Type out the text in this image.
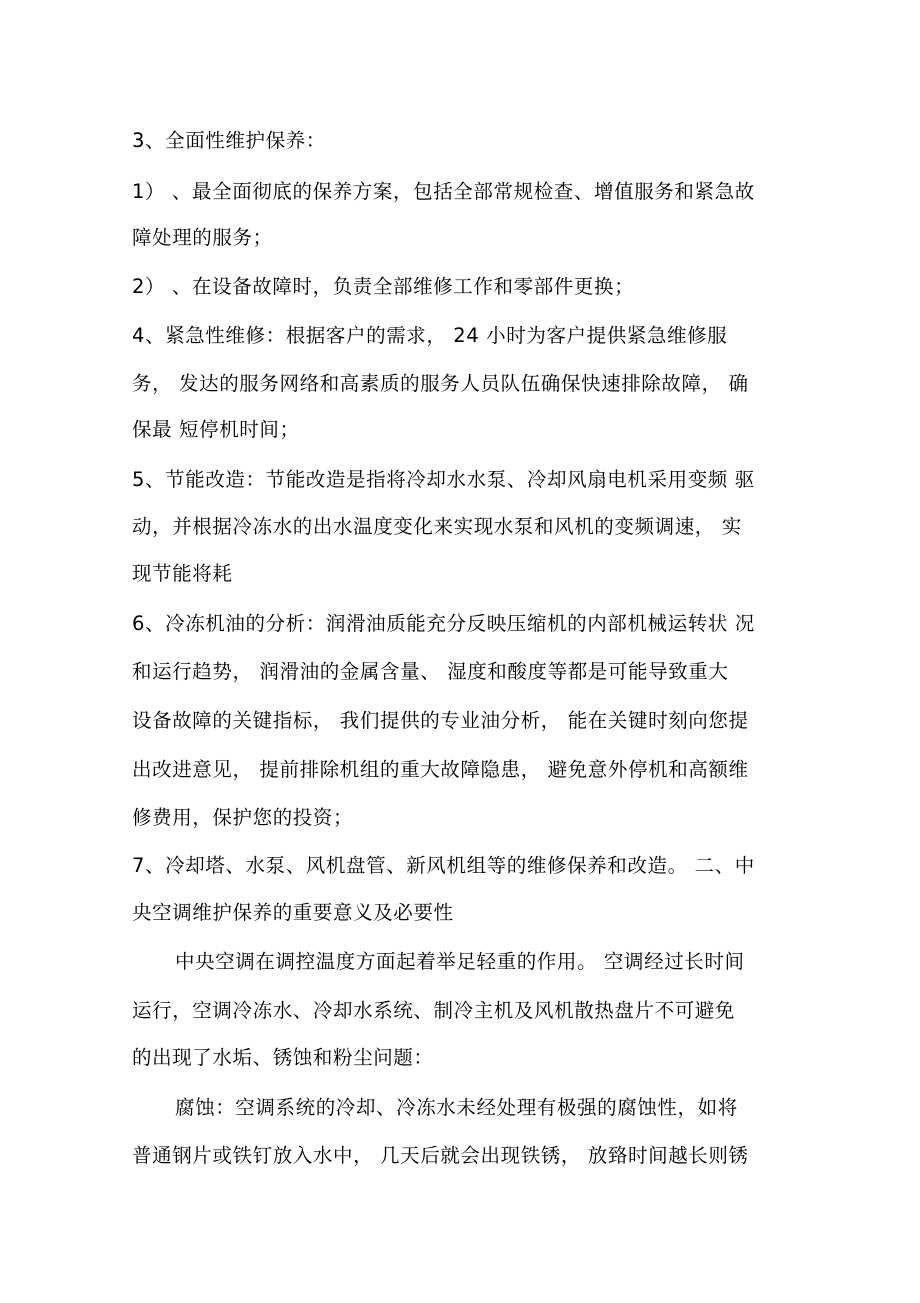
3、全面性维护保养：
1） 、最全面彻底的保养方案，包括全部常规检查、增值服务和紧急故
障处理的服务；
2） 、在设备故障时，负责全部维修工作和零部件更换；
4、紧急性维修：根据客户的需求， 24 小时为客户提供紧急维修服
务， 发达的服务网络和高素质的服务人员队伍确保快速排除故障， 确
保最 短停机时间；
5、节能改造：节能改造是指将冷却水水泵、冷却风扇电机采用变频 驱
动，并根据冷冻水的出水温度变化来实现水泵和风机的变频调速， 实
现节能将耗
6、冷冻机油的分析：润滑油质能充分反映压缩机的内部机械运转状 况
和运行趋势， 润滑油的金属含量、 湿度和酸度等都是可能导致重大
设备故障的关键指标， 我们提供的专业油分析， 能在关键时刻向您提
出改进意见， 提前排除机组的重大故障隐患， 避免意外停机和高额维
修费用，保护您的投资；
7、冷却塔、水泵、风机盘管、新风机组等的维修保养和改造。 二、中
央空调维护保养的重要意义及必要性
中央空调在调控温度方面起着举足轻重的作用。 空调经过长时间
运行，空调冷冻水、冷却水系统、制冷主机及风机散热盘片不可避免
的出现了水垢、锈蚀和粉尘问题：
腐蚀：空调系统的冷却、冷冻水未经处理有极强的腐蚀性，如将
普通钢片或铁钉放入水中， 几天后就会出现铁锈， 放臵时间越长则锈
